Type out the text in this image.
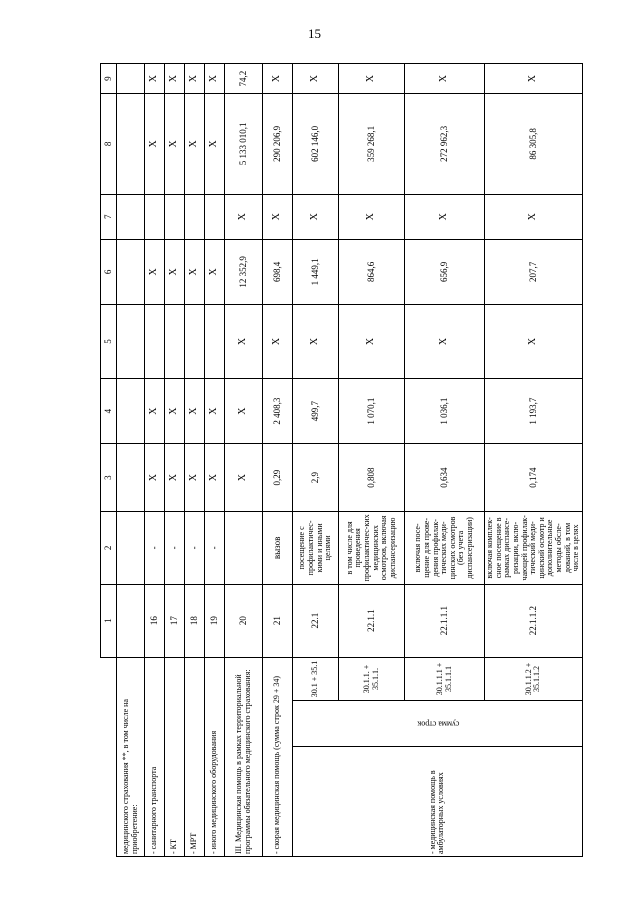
15
			1	2	3	4	5	6	7	8	9
медицинского страхования **, в том числе на приобретение:											
- санитарного транспорта			16	-	X	X		X		X	X
- КТ			17	-	X	X		X		X	X
- МРТ			18	-	X	X		X		X	X
- иного медицинского оборудования			19	-	X	X		X		X	X
III. Медицинская помощь в рамках территориальной программы обязательного медицинского страхования:			20		X	X	X	12 352,9	X	5 133 010,1	74,2
- скорая медицинская помощь (сумма строк 29 + 34)			21	вызов	0,29	2 408,3	X	698,4	X	290 206,9	X
- медицинская помощь в амбулаторных условиях	сумма строк	30.1 + 35.1	22.1	посещение с профилактичес-кими и иными целями	2,9	499,7	X	1 449,1	X	602 146,0	X
		30.1.1. + 35.1.1.	22.1.1	в том числе для проведения профилактичес-ких медицинских осмотров, включая диспансеризацию	0,808	1 070,1	X	864,6	X	359 268,1	X
		30.1.1.1 + 35.1.1.1	22.1.1.1	включая посе-щение для прове-дения профилак-тических меди-цинских осмотров (без учета диспансеризации)	0,634	1 036,1	X	656,9	X	272 962,3	X
		30.1.1.2 + 35.1.1.2	22.1.1.2	включая комплек-сное посещение в рамках диспансе-ризации, вклю-чающей профилак-тический меди-цинский осмотр и дополнительные методы обсле-дований, в том числе в целях	0,174	1 193,7	X	207,7	X	86 305,8	X
